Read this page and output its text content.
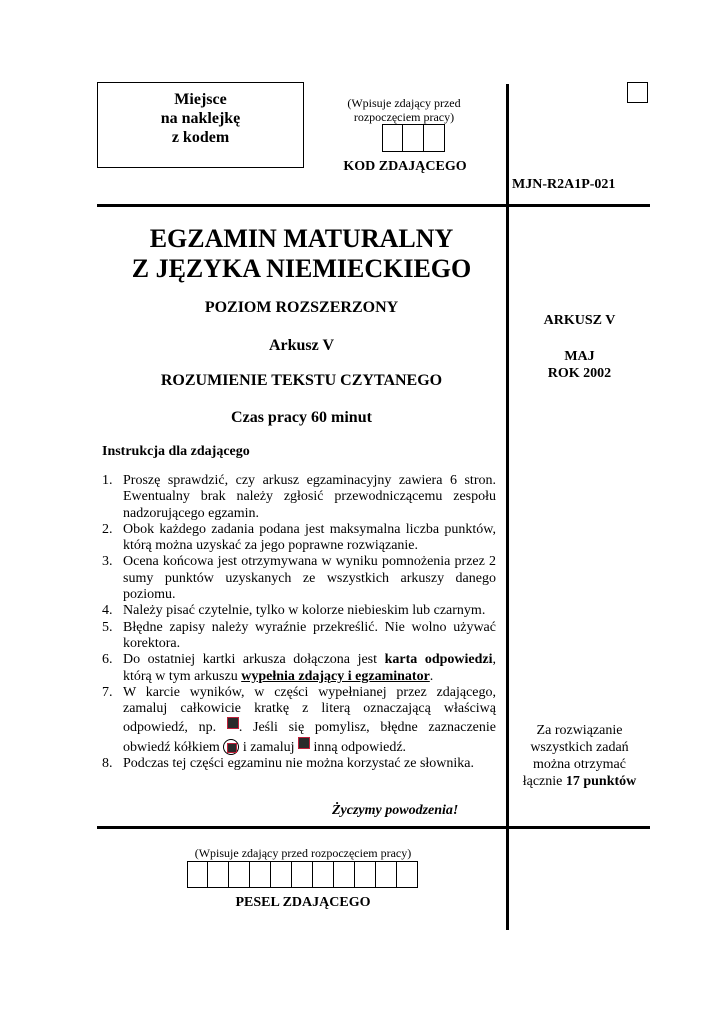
Miejsce
na naklejkę
z kodem
(Wpisuje zdający przed
rozpoczęciem pracy)
KOD ZDAJĄCEGO
MJN-R2A1P-021
EGZAMIN MATURALNY
Z JĘZYKA NIEMIECKIEGO
POZIOM ROZSZERZONY
Arkusz V
ROZUMIENIE TEKSTU CZYTANEGO
Czas pracy 60 minut
Instrukcja dla zdającego
1. Proszę sprawdzić, czy arkusz egzaminacyjny zawiera 6 stron. Ewentualny brak należy zgłosić przewodniczącemu zespołu nadzorującego egzamin.
2. Obok każdego zadania podana jest maksymalna liczba punktów, którą można uzyskać za jego poprawne rozwiązanie.
3. Ocena końcowa jest otrzymywana w wyniku pomnożenia przez 2 sumy punktów uzyskanych ze wszystkich arkuszy danego poziomu.
4. Należy pisać czytelnie, tylko w kolorze niebieskim lub czarnym.
5. Błędne zapisy należy wyraźnie przekreślić. Nie wolno używać korektora.
6. Do ostatniej kartki arkusza dołączona jest karta odpowiedzi, którą w tym arkuszu wypełnia zdający i egzaminator.
7. W karcie wyników, w części wypełnianej przez zdającego, zamaluj całkowicie kratkę z literą oznaczającą właściwą odpowiedź, np. . Jeśli się pomylisz, błędne zaznaczenie obwiedź kółkiem  i zamaluj  inną odpowiedź.
8. Podczas tej części egzaminu nie można korzystać ze słownika.
Życzymy powodzenia!
ARKUSZ V
MAJ
ROK 2002
Za rozwiązanie
wszystkich zadań
można otrzymać
łącznie 17 punktów
(Wpisuje zdający przed rozpoczęciem pracy)
PESEL ZDAJĄCEGO
